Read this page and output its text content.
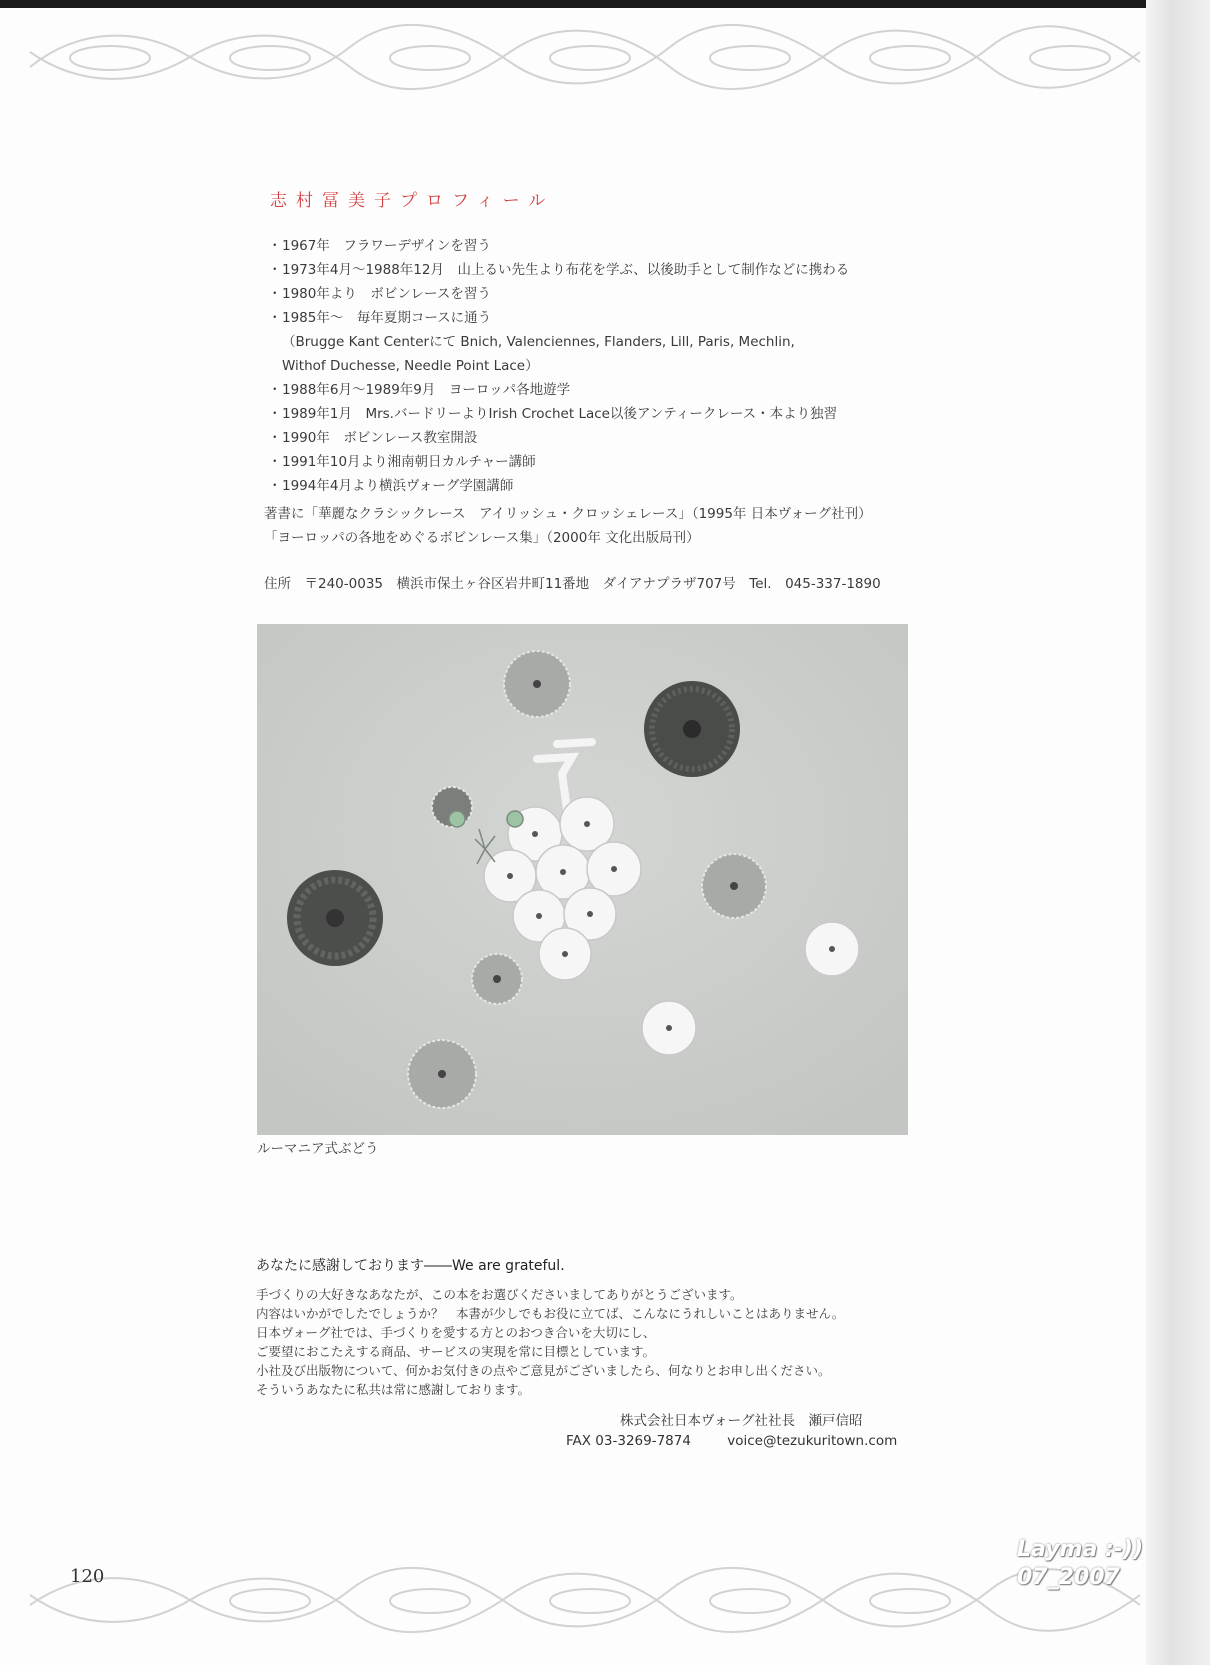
志村冨美子プロフィール
・1967年　フラワーデザインを習う
・1973年4月～1988年12月　山上るい先生より布花を学ぶ、以後助手として制作などに携わる
・1980年より　ボビンレースを習う
・1985年～　毎年夏期コースに通う
（Brugge Kant Centerにて Bnich, Valenciennes, Flanders, Lill, Paris, Mechlin,
Withof Duchesse, Needle Point Lace）
・1988年6月～1989年9月　ヨーロッパ各地遊学
・1989年1月　Mrs.バードリーよりIrish Crochet Lace以後アンティークレース・本より独習
・1990年　ボビンレース教室開設
・1991年10月より湘南朝日カルチャー講師
・1994年4月より横浜ヴォーグ学園講師
著書に「華麗なクラシックレース　アイリッシュ・クロッシェレース」（1995年 日本ヴォーグ社刊）
「ヨーロッパの各地をめぐるボビンレース集」（2000年 文化出版局刊）
住所　〒240-0035　横浜市保土ヶ谷区岩井町11番地　ダイアナプラザ707号　Tel.　045-337-1890
ルーマニア式ぶどう
あなたに感謝しております――We are grateful.
手づくりの大好きなあなたが、この本をお選びくださいましてありがとうございます。
内容はいかがでしたでしょうか？　本書が少しでもお役に立てば、こんなにうれしいことはありません。
日本ヴォーグ社では、手づくりを愛する方とのおつき合いを大切にし、
ご要望におこたえする商品、サービスの実現を常に目標としています。
小社及び出版物について、何かお気付きの点やご意見がございましたら、何なりとお申し出ください。
そういうあなたに私共は常に感謝しております。
株式会社日本ヴォーグ社社長　瀬戸信昭
FAX 03-3269-7874	voice@tezukuritown.com
120
Layma :-))
07_2007
